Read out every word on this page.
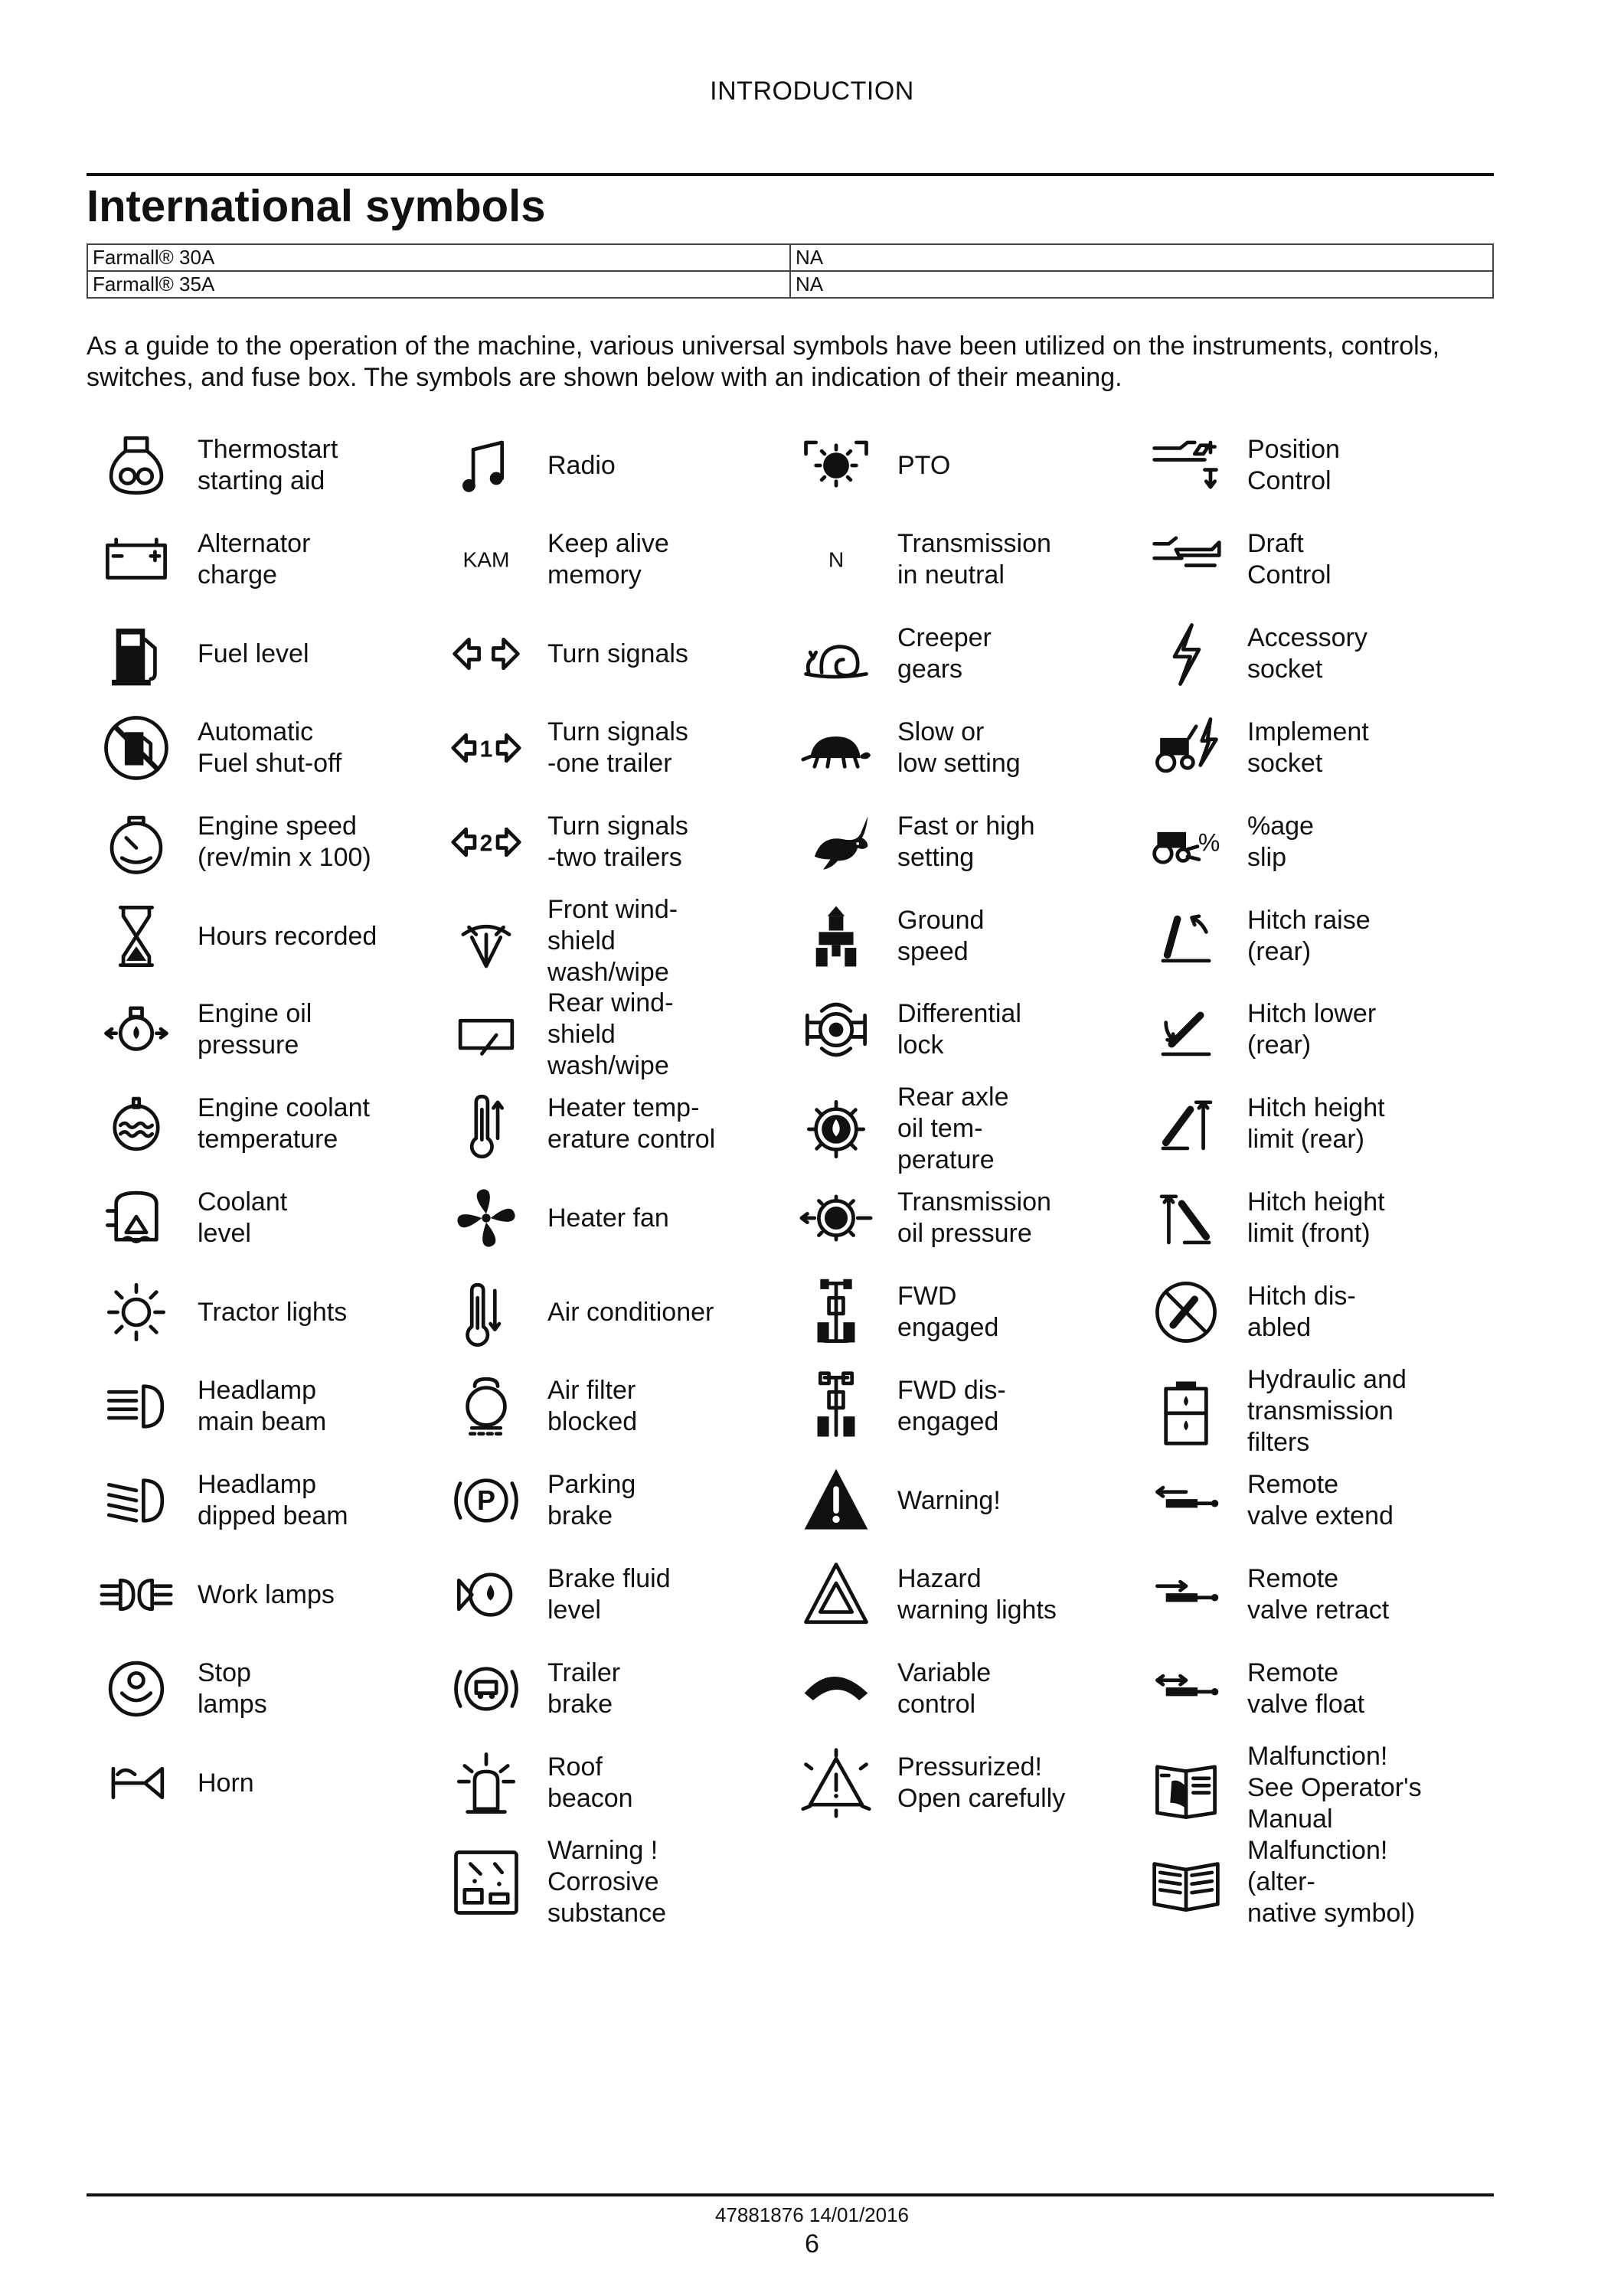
INTRODUCTION
International symbols
Farmall® 30A	NA
Farmall® 35A	NA
As a guide to the operation of the machine, various universal symbols have been utilized on the instruments, controls, switches, and fuse box. The symbols are shown below with an indication of their meaning.
Thermostart
starting aid
Alternator
charge
Fuel level
Automatic
Fuel shut-off
Engine speed
(rev/min x 100)
Hours recorded
Engine oil
pressure
Engine coolant
temperature
Coolant
level
Tractor lights
Headlamp
main beam
Headlamp
dipped beam
Work lamps
Stop
lamps
Horn
Radio
KAM
Keep alive
memory
Turn signals
1
Turn signals
-one trailer
2
Turn signals
-two trailers
Front wind-
shield
wash/wipe
Rear wind-
shield
wash/wipe
Heater temp-
erature control
Heater fan
Air conditioner
Air filter
blocked
P
Parking
brake
Brake fluid
level
Trailer
brake
Roof
beacon
Warning !
Corrosive
substance
PTO
N
Transmission
in neutral
Creeper
gears
Slow or
low setting
Fast or high
setting
Ground
speed
Differential
lock
Rear axle
oil tem-
perature
Transmission
oil pressure
FWD
engaged
FWD dis-
engaged
Warning!
Hazard
warning lights
Variable
control
Pressurized!
Open carefully
Position
Control
Draft
Control
Accessory
socket
Implement
socket
%
%age
slip
Hitch raise
(rear)
Hitch lower
(rear)
Hitch height
limit (rear)
Hitch height
limit (front)
Hitch dis-
abled
Hydraulic and
transmission
filters
Remote
valve extend
Remote
valve retract
Remote
valve float
Malfunction!
See Operator's
Manual
Malfunction!
(alter-
native symbol)
47881876 14/01/2016
6
